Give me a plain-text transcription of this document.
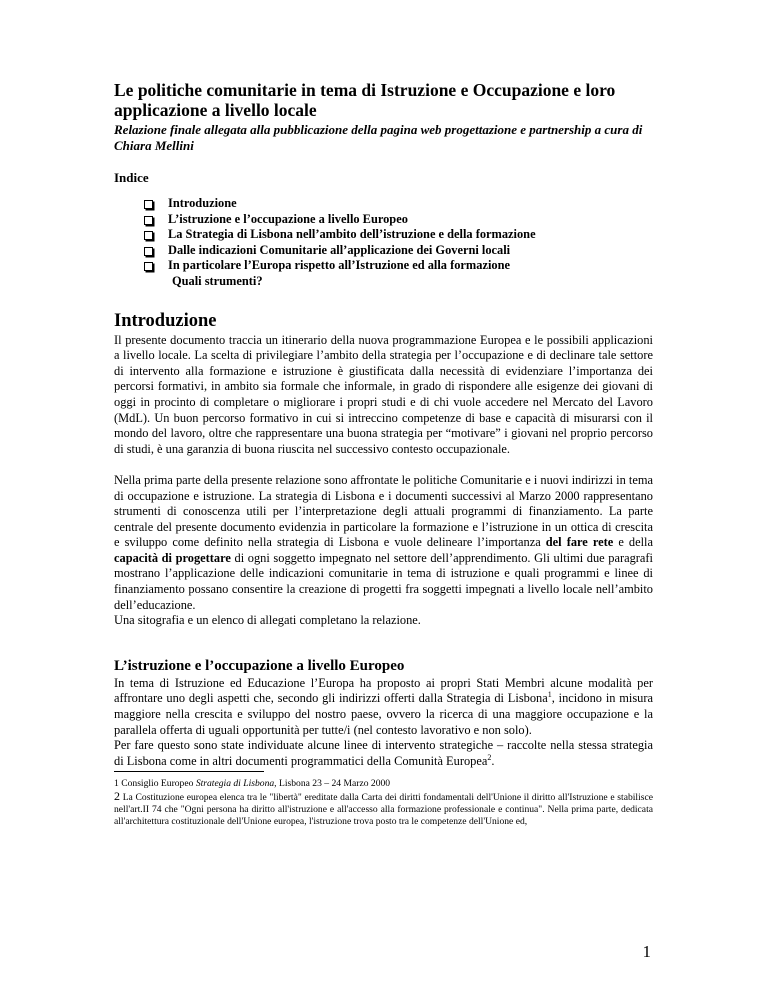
Le politiche comunitarie in tema di Istruzione e Occupazione e loro applicazione a livello locale

Relazione finale allegata alla pubblicazione della pagina web progettazione e partnership a cura di Chiara Mellini

Indice
Introduzione
L’istruzione e l’occupazione a livello Europeo
La Strategia di Lisbona nell’ambito dell’istruzione e della formazione
Dalle indicazioni Comunitarie all’applicazione dei Governi locali
In particolare l’Europa rispetto all’Istruzione ed alla formazione
Quali strumenti?
Introduzione

Il presente documento traccia un itinerario della nuova programmazione Europea e le possibili applicazioni a livello locale. La scelta di privilegiare l’ambito della strategia per l’occupazione e di declinare tale settore di intervento alla formazione e istruzione è giustificata dalla necessità di evidenziare l’importanza dei percorsi formativi, in ambito sia formale che informale, in grado di rispondere alle esigenze dei giovani di oggi in procinto di completare o migliorare i propri studi e di chi vuole accedere nel Mercato del Lavoro (MdL). Un buon percorso formativo in cui si intreccino competenze di base e capacità di misurarsi con il mondo del lavoro, oltre che rappresentare una buona strategia per “motivare” i giovani nel proprio percorso di studi, è una garanzia di buona riuscita nel successivo contesto occupazionale.

Nella prima parte della presente relazione sono affrontate le politiche Comunitarie e i nuovi indirizzi in tema di occupazione e istruzione. La strategia di Lisbona e i documenti successivi al Marzo 2000 rappresentano strumenti di conoscenza utili per l’interpretazione degli attuali programmi di finanziamento. La parte centrale del presente documento evidenzia in particolare la formazione e l’istruzione in un ottica di crescita e sviluppo come definito nella strategia di Lisbona e vuole delineare l’importanza del fare rete e della capacità di progettare di ogni soggetto impegnato nel settore dell’apprendimento. Gli ultimi due paragrafi mostrano l’applicazione delle indicazioni comunitarie in tema di istruzione e quali programmi e linee di finanziamento possano consentire la creazione di progetti fra soggetti impegnati a livello locale nell’ambito dell’educazione.

Una sitografia e un elenco di allegati completano la relazione.

L’istruzione e l’occupazione a livello Europeo

In tema di Istruzione ed Educazione l’Europa ha proposto ai propri Stati Membri alcune modalità per affrontare uno degli aspetti che, secondo gli indirizzi offerti dalla Strategia di Lisbona$^1$, incidono in misura maggiore nella crescita e sviluppo del nostro paese, ovvero la ricerca di una maggiore occupazione e la parallela offerta di uguali opportunità per tutte/i (nel contesto lavorativo e non solo).

Per fare questo sono state individuate alcune linee di intervento strategiche – raccolte nella stessa strategia di Lisbona come in altri documenti programmatici della Comunità Europea$^2$.

1 Consiglio Europeo Strategia di Lisbona, Lisbona 23 – 24 Marzo 2000

2 La Costituzione europea elenca tra le "libertà" ereditate dalla Carta dei diritti fondamentali dell'Unione il diritto all'Istruzione e stabilisce nell'art.II 74 che "Ogni persona ha diritto all'istruzione e all'accesso alla formazione professionale e continua". Nella prima parte, dedicata all'architettura costituzionale dell'Unione europea, l'istruzione trova posto tra le competenze dell'Unione ed,

1
